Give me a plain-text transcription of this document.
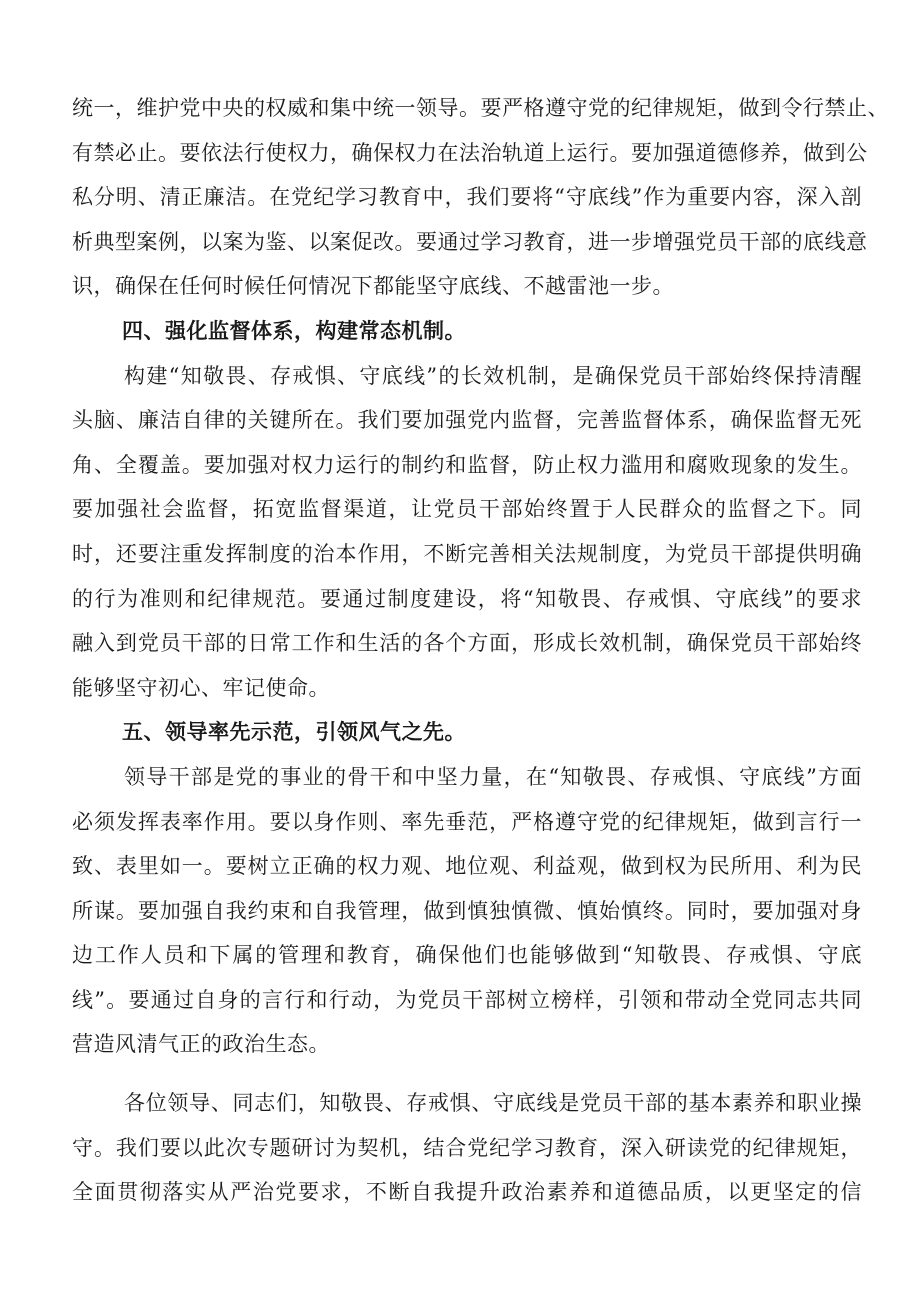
统一，维护党中央的权威和集中统一领导。要严格遵守党的纪律规矩，做到令行禁止、
有禁必止。要依法行使权力，确保权力在法治轨道上运行。要加强道德修养，做到公
私分明、清正廉洁。在党纪学习教育中，我们要将“守底线”作为重要内容，深入剖
析典型案例，以案为鉴、以案促改。要通过学习教育，进一步增强党员干部的底线意
识，确保在任何时候任何情况下都能坚守底线、不越雷池一步。
四、强化监督体系，构建常态机制。
构建“知敬畏、存戒惧、守底线”的长效机制，是确保党员干部始终保持清醒
头脑、廉洁自律的关键所在。我们要加强党内监督，完善监督体系，确保监督无死
角、全覆盖。要加强对权力运行的制约和监督，防止权力滥用和腐败现象的发生。
要加强社会监督，拓宽监督渠道，让党员干部始终置于人民群众的监督之下。同
时，还要注重发挥制度的治本作用，不断完善相关法规制度，为党员干部提供明确
的行为准则和纪律规范。要通过制度建设，将“知敬畏、存戒惧、守底线”的要求
融入到党员干部的日常工作和生活的各个方面，形成长效机制，确保党员干部始终
能够坚守初心、牢记使命。
五、领导率先示范，引领风气之先。
领导干部是党的事业的骨干和中坚力量，在“知敬畏、存戒惧、守底线”方面
必须发挥表率作用。要以身作则、率先垂范，严格遵守党的纪律规矩，做到言行一
致、表里如一。要树立正确的权力观、地位观、利益观，做到权为民所用、利为民
所谋。要加强自我约束和自我管理，做到慎独慎微、慎始慎终。同时，要加强对身
边工作人员和下属的管理和教育，确保他们也能够做到“知敬畏、存戒惧、守底
线”。要通过自身的言行和行动，为党员干部树立榜样，引领和带动全党同志共同
营造风清气正的政治生态。
各位领导、同志们，知敬畏、存戒惧、守底线是党员干部的基本素养和职业操
守。我们要以此次专题研讨为契机，结合党纪学习教育，深入研读党的纪律规矩，
全面贯彻落实从严治党要求，不断自我提升政治素养和道德品质，以更坚定的信
